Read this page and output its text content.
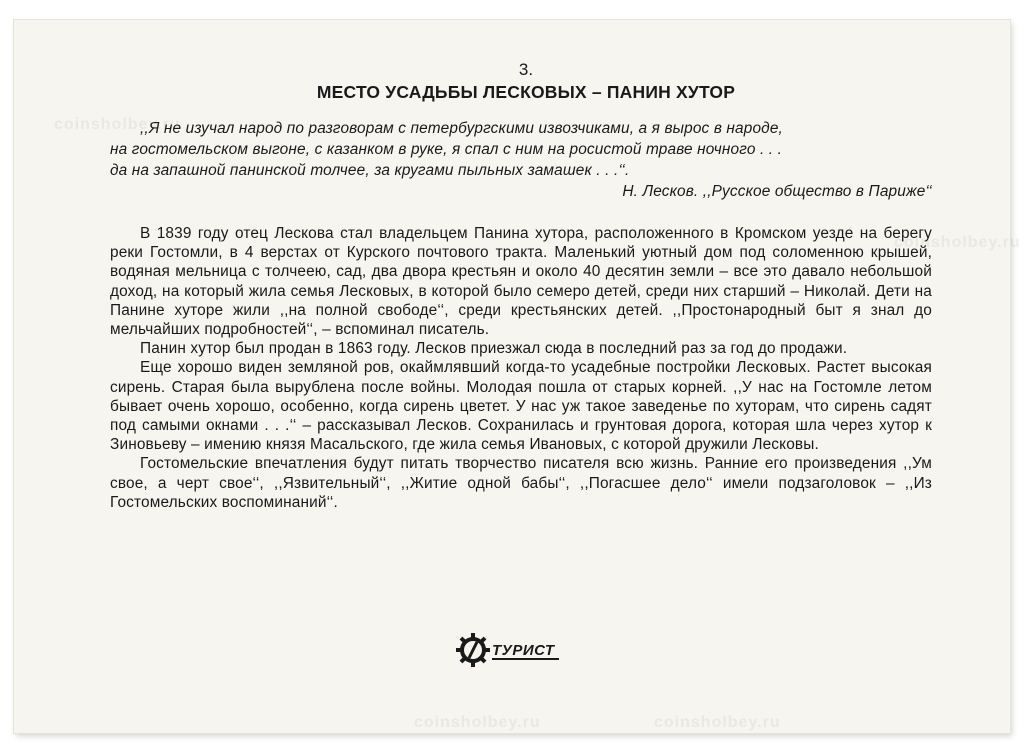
coinsholbey.ru
coinsholbey.ru
coinsholbey.ru	coinsholbey.ru
3.
МЕСТО УСАДЬБЫ ЛЕСКОВЫХ – ПАНИН ХУТОР
,,Я не изучал народ по разговорам с петербургскими извозчиками, а я вырос в народе,
на гостомельском выгоне, с казанком в руке, я спал с ним на росистой траве ночного . . .
да на запашной панинской толчее, за кругами пыльных замашек . . .‘‘.
Н. Лесков. ,,Русское общество в Париже‘‘

В 1839 году отец Лескова стал владельцем Панина хутора, расположенного в Кромском уезде на берегу реки Гостомли, в 4 верстах от Курского почтового тракта. Маленький уютный дом под соломенною крышей, водяная мельница с толчеею, сад, два двора крестьян и около 40 десятин земли – все это давало небольшой доход, на который жила семья Лесковых, в которой было семеро детей, среди них старший – Николай. Дети на Панине хуторе жили ,,на полной свободе‘‘, среди крестьянских детей. ,,Простонародный быт я знал до мельчайших подробностей‘‘, – вспоминал писатель.

Панин хутор был продан в 1863 году. Лесков приезжал сюда в последний раз за год до продажи.

Еще хорошо виден земляной ров, окаймлявший когда-то усадебные постройки Лесковых. Растет высокая сирень. Старая была вырублена после войны. Молодая пошла от старых корней. ,,У нас на Гостомле летом бывает очень хорошо, особенно, когда сирень цветет. У нас уж такое заведенье по хуторам, что сирень садят под самыми окнами . . .‘‘ – рассказывал Лесков. Сохранилась и грунтовая дорога, которая шла через хутор к Зиновьеву – имению князя Масальского, где жила семья Ивановых, с которой дружили Лесковы.

Гостомельские впечатления будут питать творчество писателя всю жизнь. Ранние его произведения ,,Ум свое, а черт свое‘‘, ,,Язвительный‘‘, ,,Житие одной бабы‘‘, ,,Погасшее дело‘‘ имели подзаголовок – ,,Из Гостомельских воспоминаний‘‘.

ТУРИСТ
